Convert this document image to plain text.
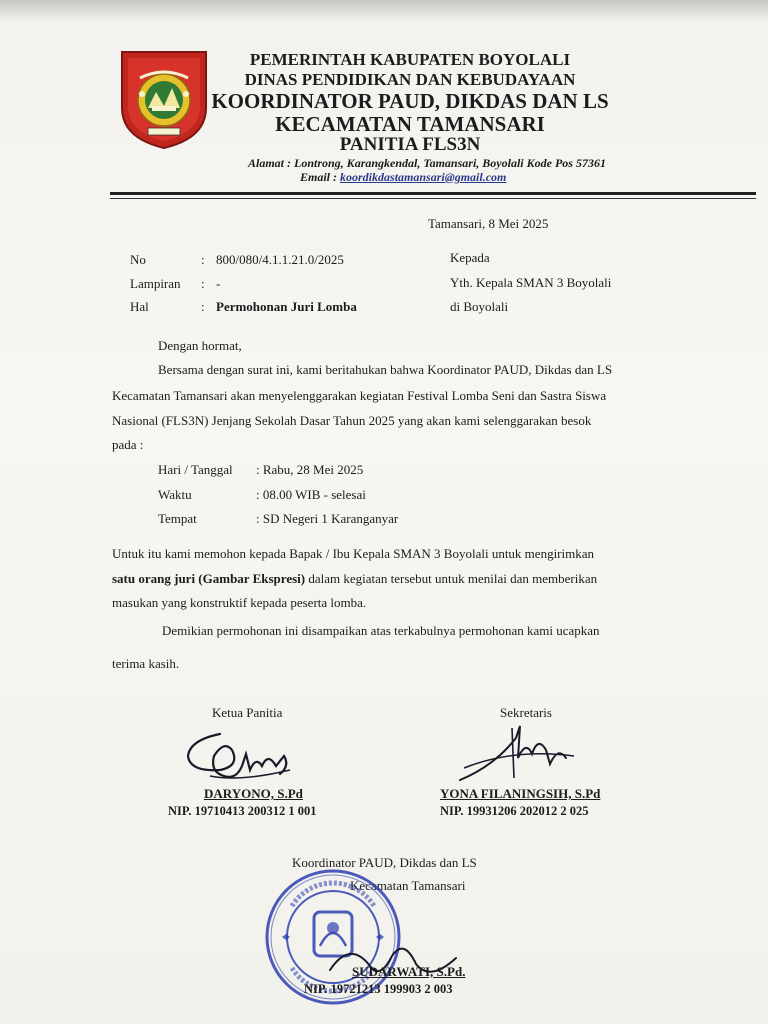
PEMERINTAH KABUPATEN BOYOLALI
DINAS PENDIDIKAN DAN KEBUDAYAAN
KOORDINATOR PAUD, DIKDAS DAN LS
KECAMATAN TAMANSARI
PANITIA FLS3N
Alamat : Lontrong, Karangkendal, Tamansari, Boyolali Kode Pos 57361
Email : koordikdastamansari@gmail.com
Tamansari, 8 Mei 2025
No	: 800/080/4.1.1.21.0/2025
Lampiran : -
Hal	: Permohonan Juri Lomba
Kepada
Yth. Kepala SMAN 3 Boyolali
di Boyolali
Dengan hormat,
Bersama dengan surat ini, kami beritahukan bahwa Koordinator PAUD, Dikdas dan LS
Kecamatan Tamansari akan menyelenggarakan kegiatan Festival Lomba Seni dan Sastra Siswa
Nasional (FLS3N) Jenjang Sekolah Dasar Tahun 2025 yang akan kami selenggarakan besok
pada :
Hari / Tanggal : Rabu, 28 Mei 2025
Waktu	: 08.00 WIB - selesai
Tempat	: SD Negeri 1 Karanganyar
Untuk itu kami memohon kepada Bapak / Ibu Kepala SMAN 3 Boyolali untuk mengirimkan
satu orang juri (Gambar Ekspresi) dalam kegiatan tersebut untuk menilai dan memberikan
masukan yang konstruktif kepada peserta lomba.
Demikian permohonan ini disampaikan atas terkabulnya permohonan kami ucapkan
terima kasih.
Ketua Panitia
DARYONO, S.Pd
NIP. 19710413 200312 1 001
Sekretaris
YONA FILANINGSIH, S.Pd
NIP. 19931206 202012 2 025
Koordinator PAUD, Dikdas dan LS
Kecamatan Tamansari
SUDARWATI, S.Pd.
NIP. 19721213 199903 2 003
